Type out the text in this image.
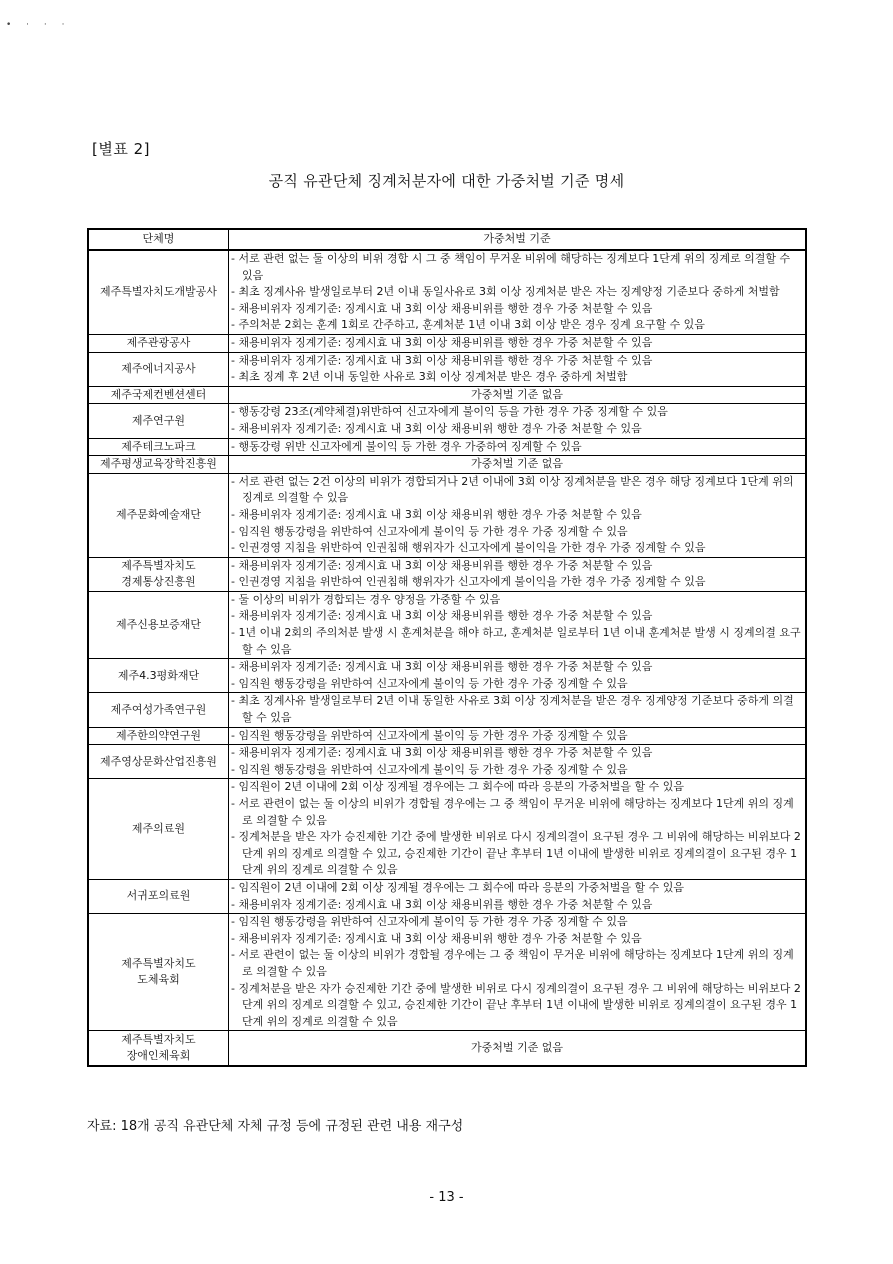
• · · ·
[별표 2]
공직 유관단체 징계처분자에 대한 가중처벌 기준 명세
단체명	가중처벌 기준
제주특별자치도개발공사	- 서로 관련 없는 둘 이상의 비위 경합 시 그 중 책임이 무거운 비위에 해당하는 징계보다 1단계 위의 징계로 의결할 수 있음
- 최초 징계사유 발생일로부터 2년 이내 동일사유로 3회 이상 징계처분 받은 자는 징계양정 기준보다 중하게 처벌함
- 채용비위자 징계기준: 징계시효 내 3회 이상 채용비위를 행한 경우 가중 처분할 수 있음
- 주의처분 2회는 훈계 1회로 간주하고, 훈계처분 1년 이내 3회 이상 받은 경우 징계 요구할 수 있음

제주관광공사	- 채용비위자 징계기준: 징계시효 내 3회 이상 채용비위를 행한 경우 가중 처분할 수 있음

제주에너지공사	- 채용비위자 징계기준: 징계시효 내 3회 이상 채용비위를 행한 경우 가중 처분할 수 있음
- 최초 징계 후 2년 이내 동일한 사유로 3회 이상 징계처분 받은 경우 중하게 처벌함

제주국제컨벤션센터	가중처벌 기준 없음
제주연구원	- 행동강령 23조(계약체결)위반하여 신고자에게 불이익 등을 가한 경우 가중 징계할 수 있음
- 채용비위자 징계기준: 징계시효 내 3회 이상 채용비위 행한 경우 가중 처분할 수 있음

제주테크노파크	- 행동강령 위반 신고자에게 불이익 등 가한 경우 가중하여 징계할 수 있음

제주평생교육장학진흥원	가중처벌 기준 없음
제주문화예술재단	- 서로 관련 없는 2건 이상의 비위가 경합되거나 2년 이내에 3회 이상 징계처분을 받은 경우 해당 징계보다 1단계 위의 징계로 의결할 수 있음
- 채용비위자 징계기준: 징계시효 내 3회 이상 채용비위 행한 경우 가중 처분할 수 있음
- 임직원 행동강령을 위반하여 신고자에게 불이익 등 가한 경우 가중 징계할 수 있음
- 인권경영 지침을 위반하여 인권침해 행위자가 신고자에게 불이익을 가한 경우 가중 징계할 수 있음

제주특별자치도
경제통상진흥원	- 채용비위자 징계기준: 징계시효 내 3회 이상 채용비위를 행한 경우 가중 처분할 수 있음
- 인권경영 지침을 위반하여 인권침해 행위자가 신고자에게 불이익을 가한 경우 가중 징계할 수 있음

제주신용보증재단	- 둘 이상의 비위가 경합되는 경우 양정을 가중할 수 있음
- 채용비위자 징계기준: 징계시효 내 3회 이상 채용비위를 행한 경우 가중 처분할 수 있음
- 1년 이내 2회의 주의처분 발생 시 훈계처분을 해야 하고, 훈계처분 일로부터 1년 이내 훈계처분 발생 시 징계의결 요구 할 수 있음

제주4.3평화재단	- 채용비위자 징계기준: 징계시효 내 3회 이상 채용비위를 행한 경우 가중 처분할 수 있음
- 임직원 행동강령을 위반하여 신고자에게 불이익 등 가한 경우 가중 징계할 수 있음

제주여성가족연구원	- 최초 징계사유 발생일로부터 2년 이내 동일한 사유로 3회 이상 징계처분을 받은 경우 징계양정 기준보다 중하게 의결할 수 있음

제주한의약연구원	- 임직원 행동강령을 위반하여 신고자에게 불이익 등 가한 경우 가중 징계할 수 있음

제주영상문화산업진흥원	- 채용비위자 징계기준: 징계시효 내 3회 이상 채용비위를 행한 경우 가중 처분할 수 있음
- 임직원 행동강령을 위반하여 신고자에게 불이익 등 가한 경우 가중 징계할 수 있음

제주의료원	- 임직원이 2년 이내에 2회 이상 징계될 경우에는 그 회수에 따라 응분의 가중처벌을 할 수 있음
- 서로 관련이 없는 둘 이상의 비위가 경합될 경우에는 그 중 책임이 무거운 비위에 해당하는 징계보다 1단계 위의 징계로 의결할 수 있음
- 징계처분을 받은 자가 승진제한 기간 중에 발생한 비위로 다시 징계의결이 요구된 경우 그 비위에 해당하는 비위보다 2단계 위의 징계로 의결할 수 있고, 승진제한 기간이 끝난 후부터 1년 이내에 발생한 비위로 징계의결이 요구된 경우 1단계 위의 징계로 의결할 수 있음

서귀포의료원	- 임직원이 2년 이내에 2회 이상 징계될 경우에는 그 회수에 따라 응분의 가중처벌을 할 수 있음
- 채용비위자 징계기준: 징계시효 내 3회 이상 채용비위를 행한 경우 가중 처분할 수 있음

제주특별자치도
도체육회	- 임직원 행동강령을 위반하여 신고자에게 불이익 등 가한 경우 가중 징계할 수 있음
- 채용비위자 징계기준: 징계시효 내 3회 이상 채용비위 행한 경우 가중 처분할 수 있음
- 서로 관련이 없는 둘 이상의 비위가 경합될 경우에는 그 중 책임이 무거운 비위에 해당하는 징계보다 1단계 위의 징계로 의결할 수 있음
- 징계처분을 받은 자가 승진제한 기간 중에 발생한 비위로 다시 징계의결이 요구된 경우 그 비위에 해당하는 비위보다 2단계 위의 징계로 의결할 수 있고, 승진제한 기간이 끝난 후부터 1년 이내에 발생한 비위로 징계의결이 요구된 경우 1단계 위의 징계로 의결할 수 있음

제주특별자치도
장애인체육회	가중처벌 기준 없음
자료: 18개 공직 유관단체 자체 규정 등에 규정된 관련 내용 재구성
- 13 -
